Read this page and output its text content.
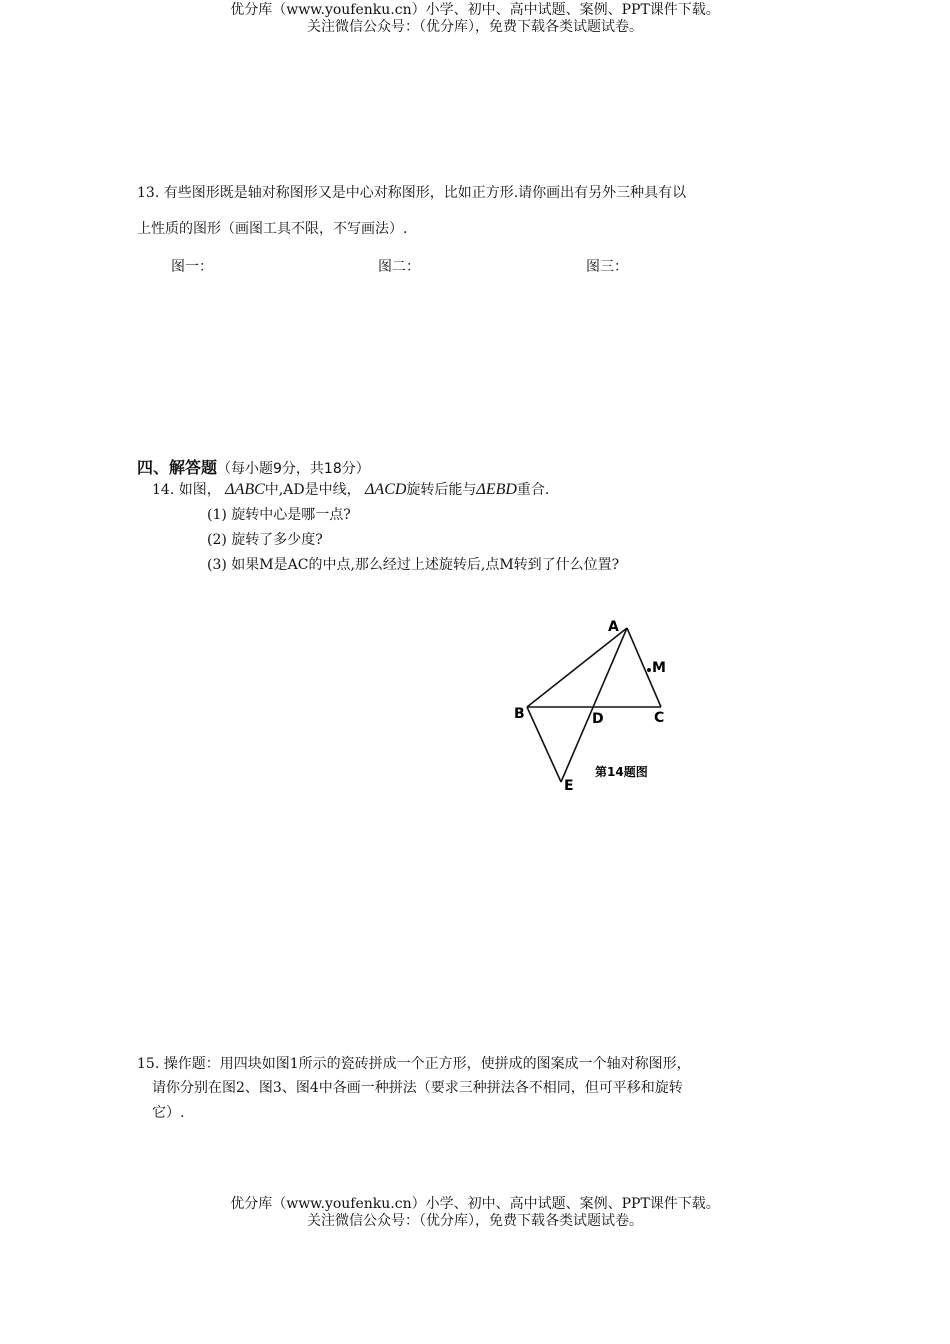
优分库（www.youfenku.cn）小学、初中、高中试题、案例、PPT课件下载。
关注微信公众号：（优分库），免费下载各类试题试卷。
13. 有些图形既是轴对称图形又是中心对称图形，比如正方形.请你画出有另外三种具有以
上性质的图形（画图工具不限，不写画法）.
图一：	图二：	图三：
四、解答题（每小题9分，共18分）
14. 如图， ΔABC中,AD是中线， ΔACD旋转后能与ΔEBD重合.
(1) 旋转中心是哪一点?
(2) 旋转了多少度?
(3) 如果M是AC的中点,那么经过上述旋转后,点M转到了什么位置?
A
M
B	D	C
E
第14题图
15. 操作题：用四块如图1所示的瓷砖拼成一个正方形，使拼成的图案成一个轴对称图形，
请你分别在图2、图3、图4中各画一种拼法（要求三种拼法各不相同，但可平移和旋转
它）.
优分库（www.youfenku.cn）小学、初中、高中试题、案例、PPT课件下载。
关注微信公众号：（优分库），免费下载各类试题试卷。
